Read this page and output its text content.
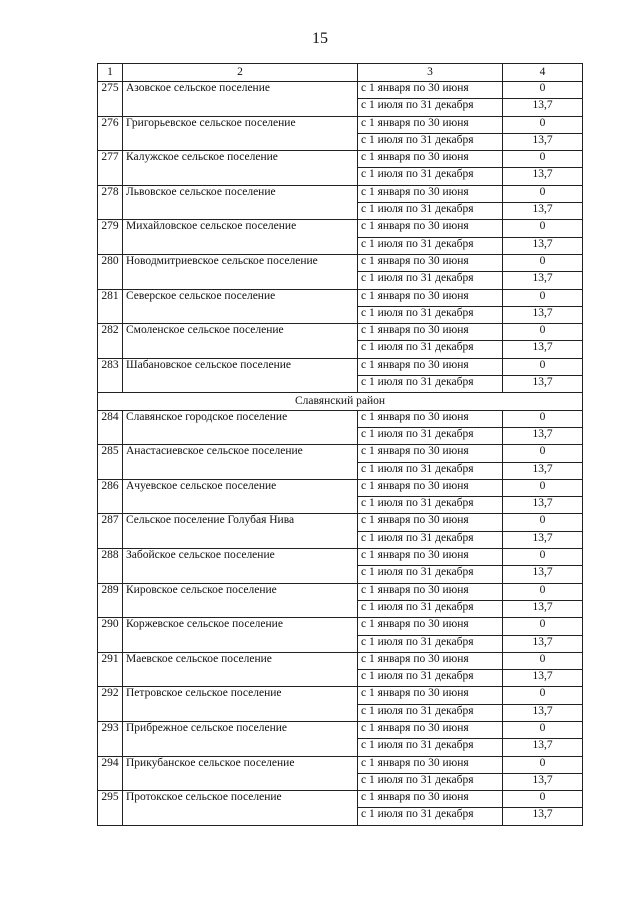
15
1	2	3	4
275	Азовское сельское поселение	с 1 января по 30 июня	0
		с 1 июля по 31 декабря	13,7
276	Григорьевское сельское поселение	с 1 января по 30 июня	0
		с 1 июля по 31 декабря	13,7
277	Калужское сельское поселение	с 1 января по 30 июня	0
		с 1 июля по 31 декабря	13,7
278	Львовское сельское поселение	с 1 января по 30 июня	0
		с 1 июля по 31 декабря	13,7
279	Михайловское сельское поселение	с 1 января по 30 июня	0
		с 1 июля по 31 декабря	13,7
280	Новодмитриевское сельское поселение	с 1 января по 30 июня	0
		с 1 июля по 31 декабря	13,7
281	Северское сельское поселение	с 1 января по 30 июня	0
		с 1 июля по 31 декабря	13,7
282	Смоленское сельское поселение	с 1 января по 30 июня	0
		с 1 июля по 31 декабря	13,7
283	Шабановское сельское поселение	с 1 января по 30 июня	0
		с 1 июля по 31 декабря	13,7
Славянский район			
284	Славянское городское поселение	с 1 января по 30 июня	0
		с 1 июля по 31 декабря	13,7
285	Анастасиевское сельское поселение	с 1 января по 30 июня	0
		с 1 июля по 31 декабря	13,7
286	Ачуевское сельское поселение	с 1 января по 30 июня	0
		с 1 июля по 31 декабря	13,7
287	Сельское поселение Голубая Нива	с 1 января по 30 июня	0
		с 1 июля по 31 декабря	13,7
288	Забойское сельское поселение	с 1 января по 30 июня	0
		с 1 июля по 31 декабря	13,7
289	Кировское сельское поселение	с 1 января по 30 июня	0
		с 1 июля по 31 декабря	13,7
290	Коржевское сельское поселение	с 1 января по 30 июня	0
		с 1 июля по 31 декабря	13,7
291	Маевское сельское поселение	с 1 января по 30 июня	0
		с 1 июля по 31 декабря	13,7
292	Петровское сельское поселение	с 1 января по 30 июня	0
		с 1 июля по 31 декабря	13,7
293	Прибрежное сельское поселение	с 1 января по 30 июня	0
		с 1 июля по 31 декабря	13,7
294	Прикубанское сельское поселение	с 1 января по 30 июня	0
		с 1 июля по 31 декабря	13,7
295	Протокское сельское поселение	с 1 января по 30 июня	0
		с 1 июля по 31 декабря	13,7
